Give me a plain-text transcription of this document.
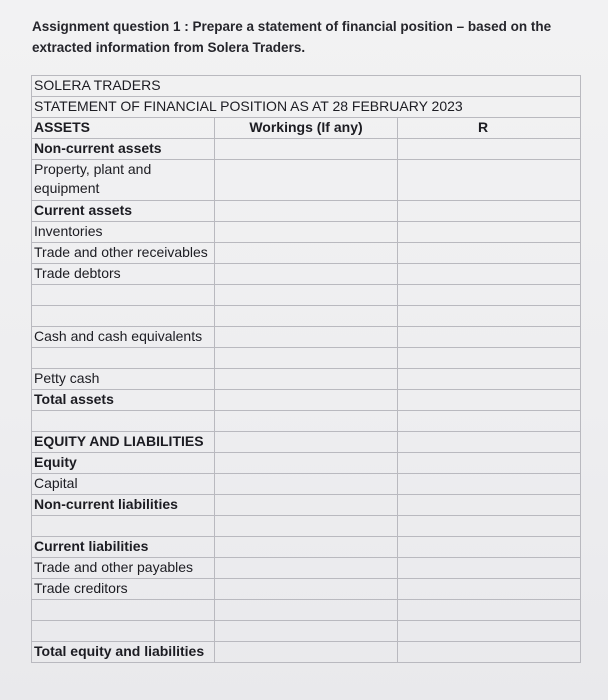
Assignment question 1 : Prepare a statement of financial position – based on the extracted information from Solera Traders.
SOLERA TRADERS		
STATEMENT OF FINANCIAL POSITION AS AT 28 FEBRUARY 2023		
ASSETS	Workings (If any)	R
Non-current assets		
Property, plant and equipment		
Current assets		
Inventories		
Trade and other receivables		
Trade debtors		

Cash and cash equivalents		

Petty cash		
Total assets		

EQUITY AND LIABILITIES		
Equity		
Capital		
Non-current liabilities		

Current liabilities		
Trade and other payables		
Trade creditors		

Total equity and liabilities		
